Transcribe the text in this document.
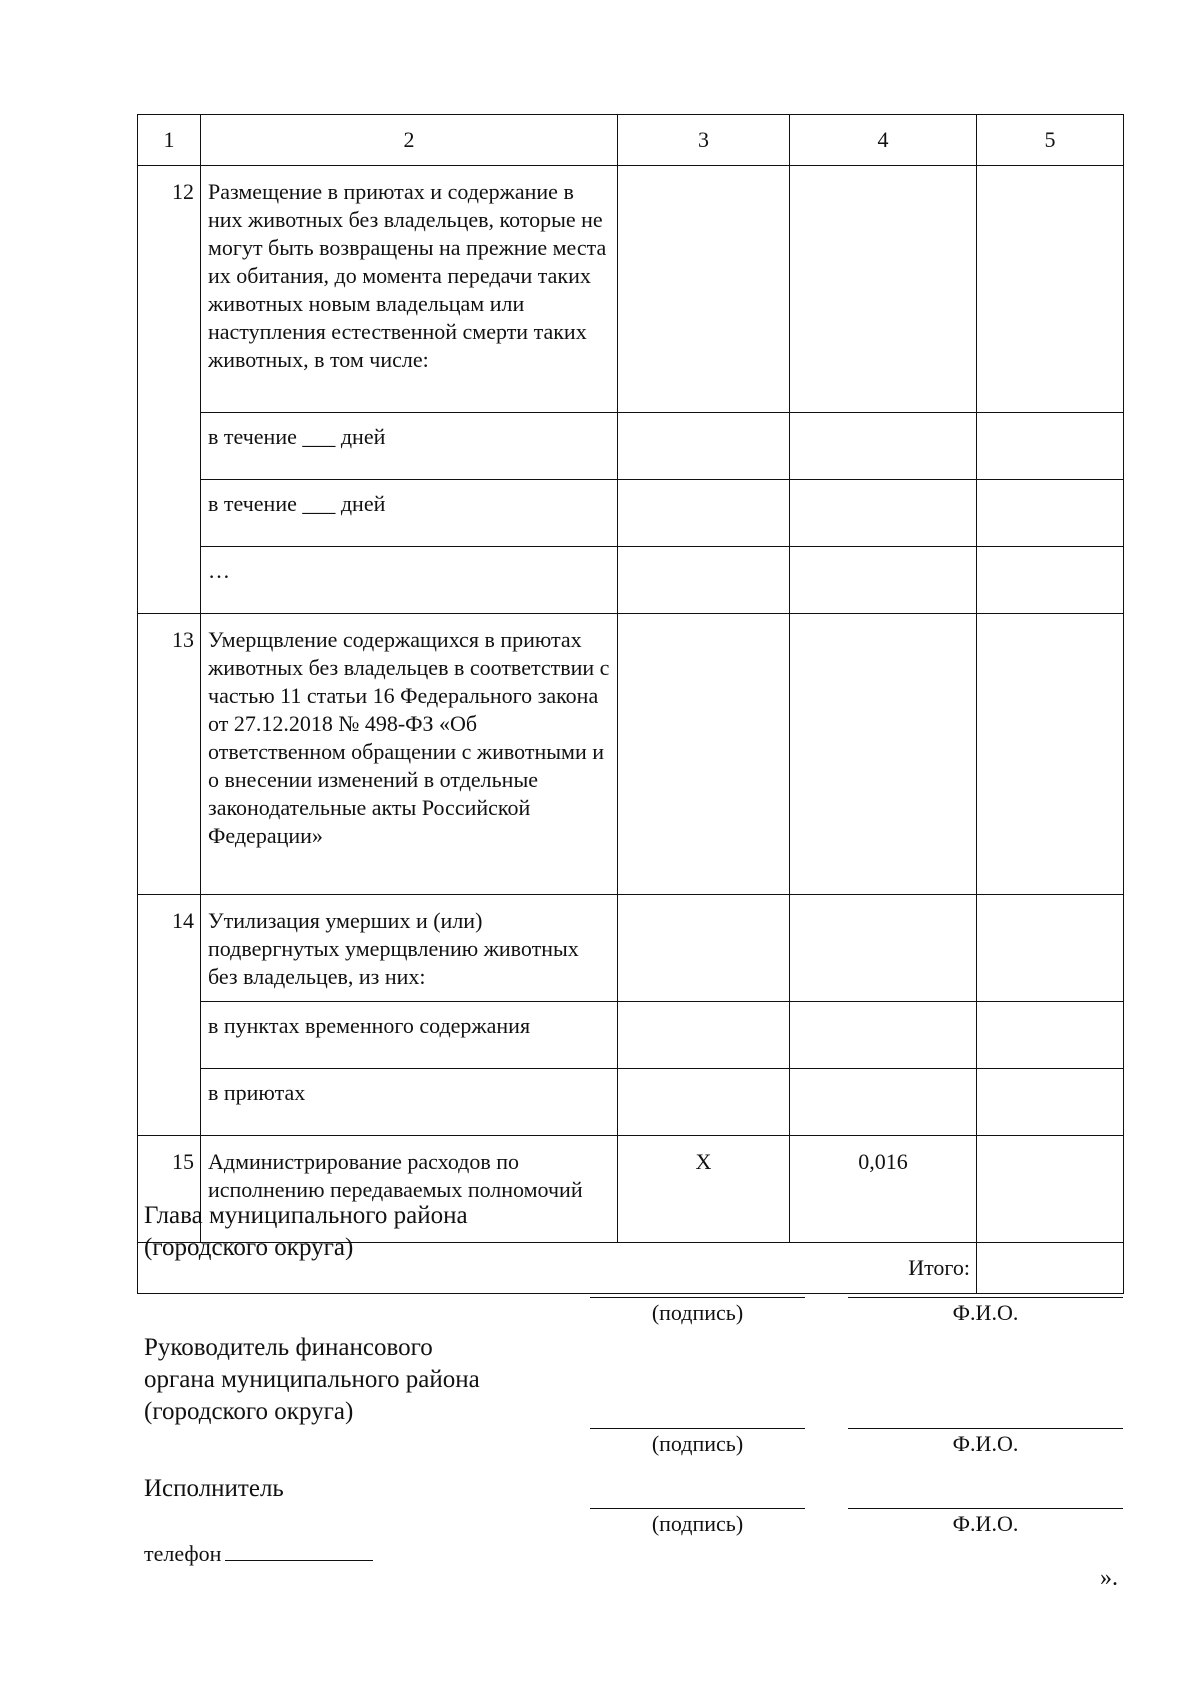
1	2	3	4	5
12	Размещение в приютах и содержание в них животных без владельцев, которые не могут быть возвращены на прежние места их обитания, до момента передачи таких животных новым владельцам или наступления естественной смерти таких животных, в том числе:			
	в течение ___ дней			
	в течение ___ дней			
	…			
13	Умерщвление содержащихся в приютах животных без владельцев в соответствии с частью 11 статьи 16 Федерального закона от 27.12.2018 № 498-ФЗ «Об ответственном обращении с животными и о внесении изменений в отдельные законодательные акты Российской Федерации»			
14	Утилизация умерших и (или) подвергнутых умерщвлению животных без владельцев, из них:			
	в пунктах временного содержания			
	в приютах			
15	Администрирование расходов по исполнению передаваемых полномочий	Х	0,016	
Итого:				
Глава муниципального района
(городского округа)
(подпись)	Ф.И.О.
Руководитель финансового
органа муниципального района
(городского округа)
(подпись)	Ф.И.О.
Исполнитель
(подпись)	Ф.И.О.
телефон
».
